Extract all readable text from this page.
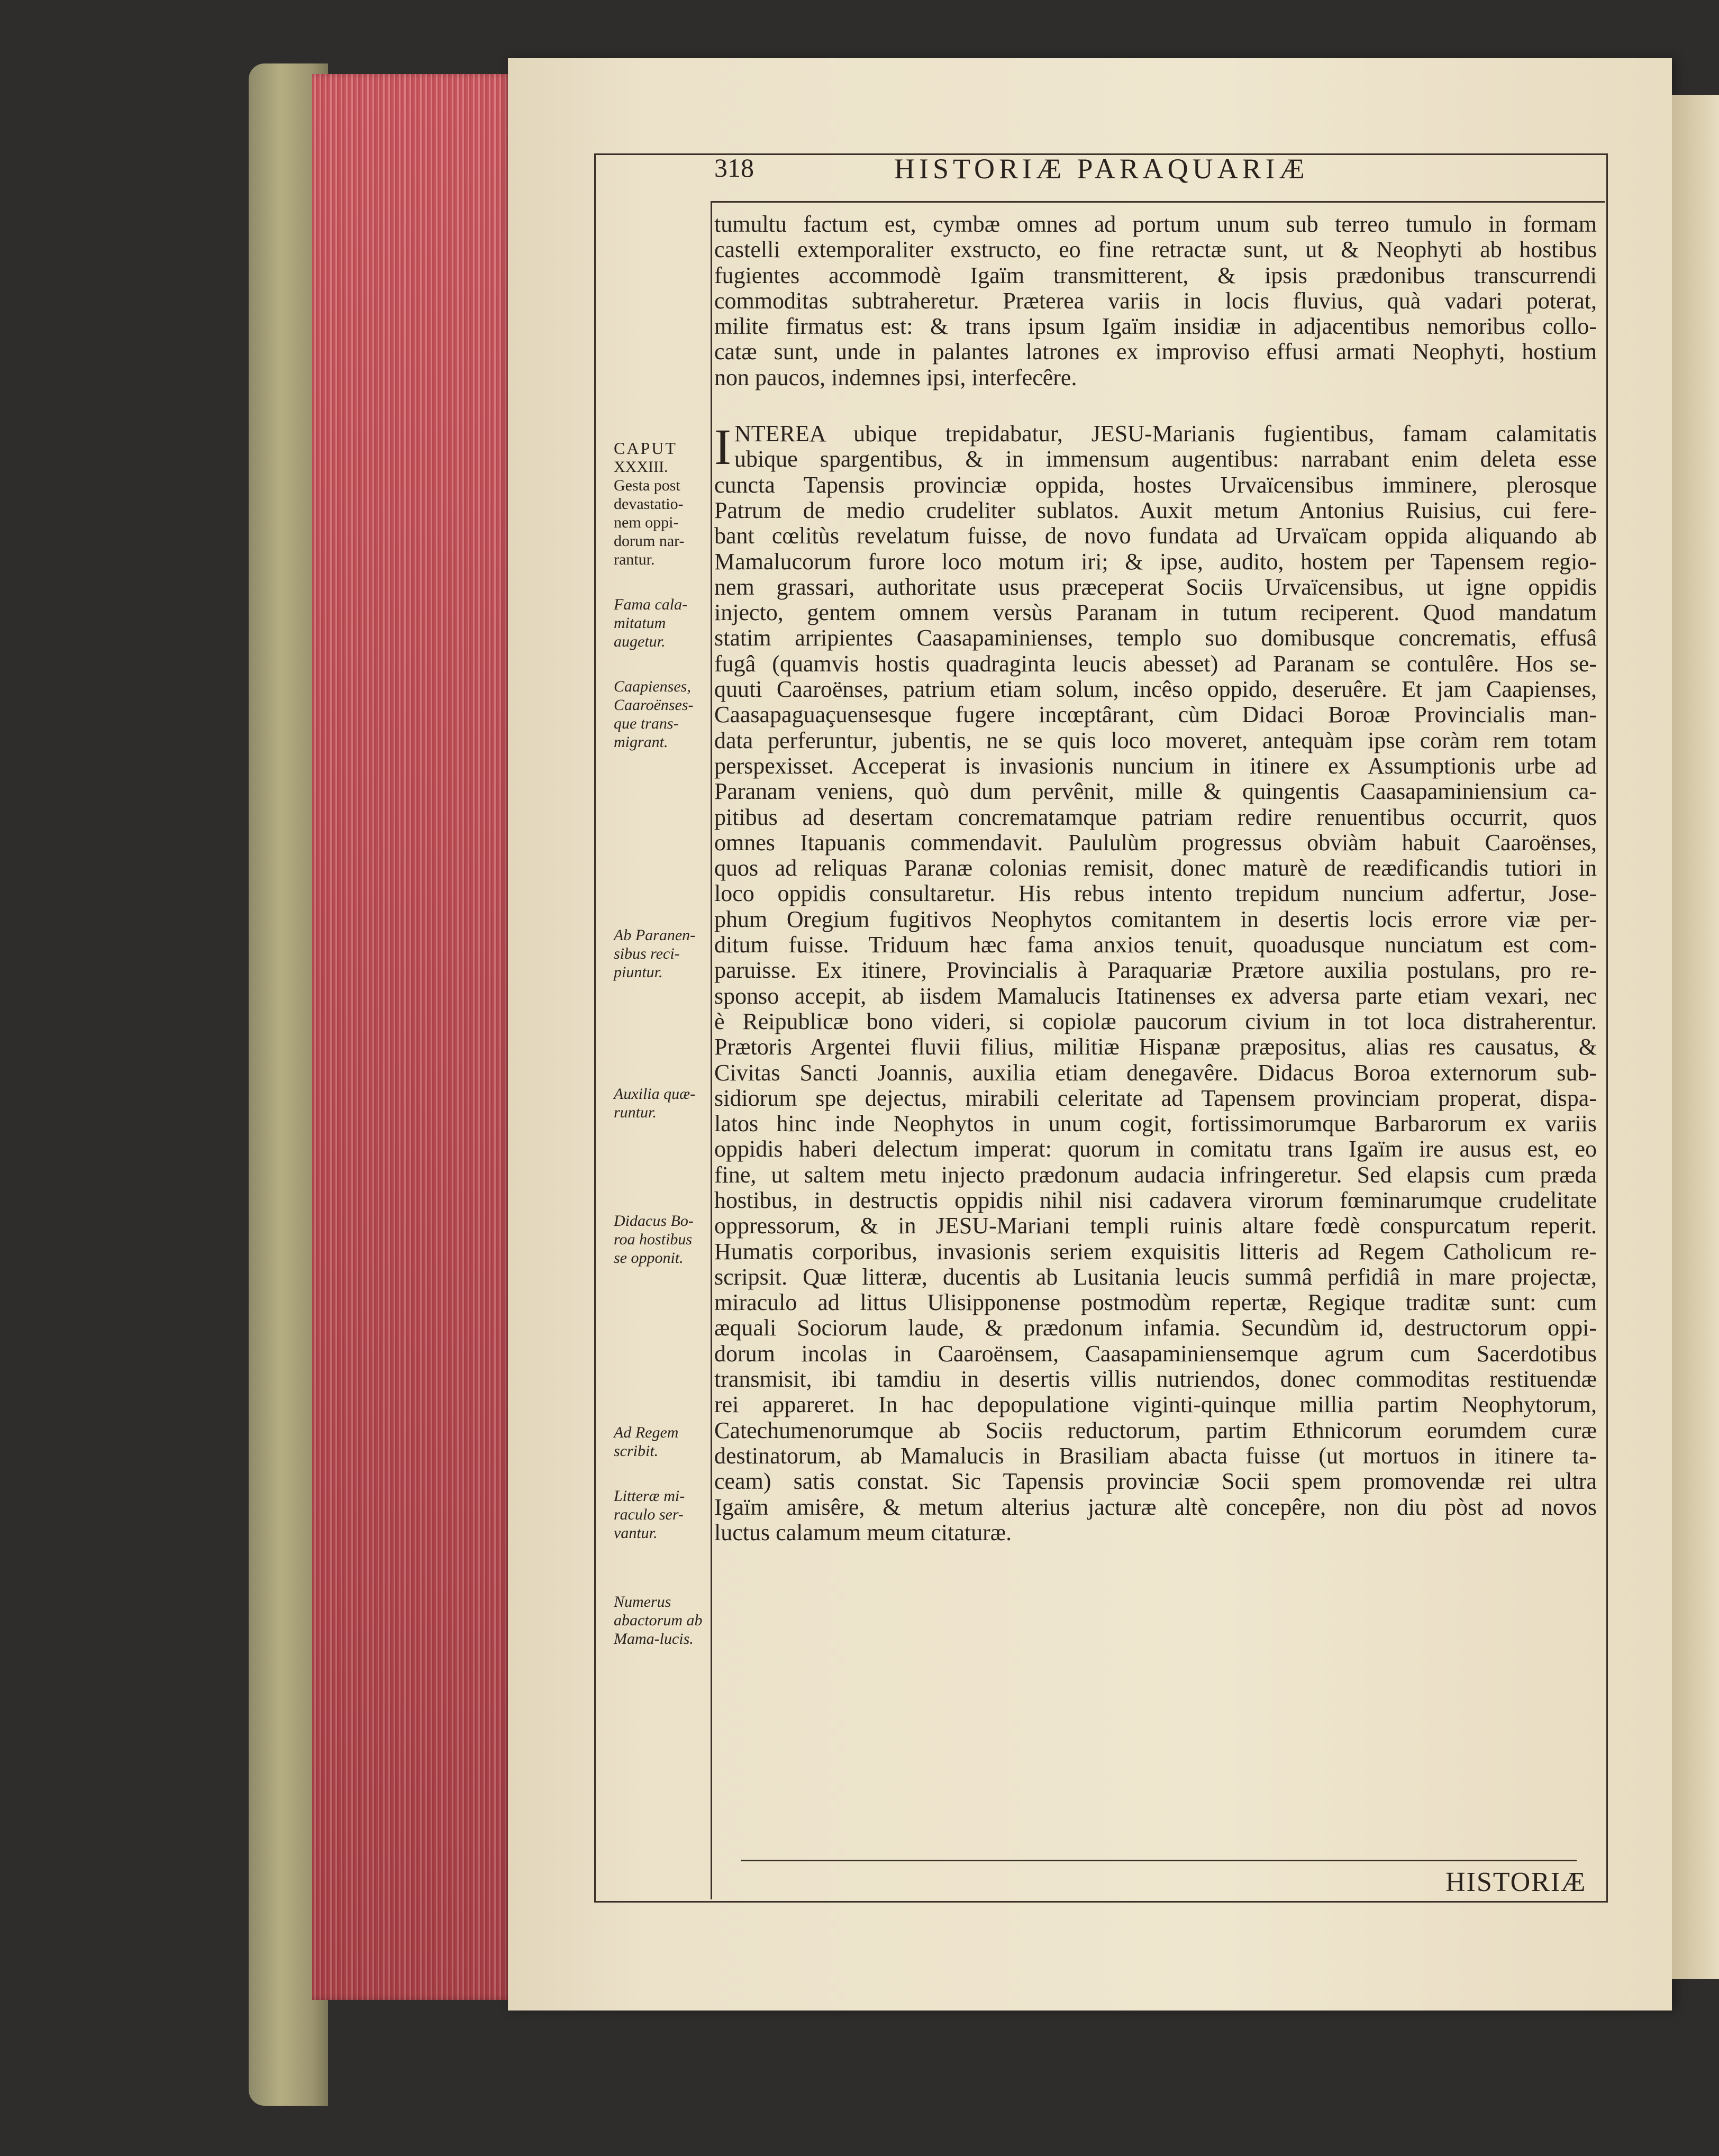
318	HISTORIÆ PARAQUARIÆ
CAPUT
XXXIII.
Gesta post devastatio-nem oppi-dorum nar-rantur.
Fama cala-mitatum augetur.
Caapienses, Caaroënses-que trans-migrant.
Ab Paranen-sibus reci-piuntur.
Auxilia quæ-runtur.
Didacus Bo-roa hostibus se opponit.
Ad Regem scribit.
Litteræ mi-raculo ser-vantur.
Numerus abactorum ab Mama-lucis.
tumultu factum est, cymbæ omnes ad portum unum sub terreo tumulo in formam
castelli extemporaliter exstructo, eo fine retractæ sunt, ut & Neophyti ab hostibus
fugientes accommodè Igaïm transmitterent, & ipsis prædonibus transcurrendi
commoditas subtraheretur. Præterea variis in locis fluvius, quà vadari poterat,
milite firmatus est: & trans ipsum Igaïm insidiæ in adjacentibus nemoribus collo-
catæ sunt, unde in palantes latrones ex improviso effusi armati Neophyti, hostium
non paucos, indemnes ipsi, interfecêre.
I NTEREA ubique trepidabatur, JESU-Marianis fugientibus, famam calamitatis
ubique spargentibus, & in immensum augentibus: narrabant enim deleta esse
cuncta Tapensis provinciæ oppida, hostes Urvaïcensibus imminere, plerosque
Patrum de medio crudeliter sublatos. Auxit metum Antonius Ruisius, cui fere-
bant cœlitùs revelatum fuisse, de novo fundata ad Urvaïcam oppida aliquando ab
Mamalucorum furore loco motum iri; & ipse, audito, hostem per Tapensem regio-
nem grassari, authoritate usus præceperat Sociis Urvaïcensibus, ut igne oppidis
injecto, gentem omnem versùs Paranam in tutum reciperent. Quod mandatum
statim arripientes Caasapaminienses, templo suo domibusque concrematis, effusâ
fugâ (quamvis hostis quadraginta leucis abesset) ad Paranam se contulêre. Hos se-
quuti Caaroënses, patrium etiam solum, incêso oppido, deseruêre. Et jam Caapienses,
Caasapaguaçuensesque fugere incœptârant, cùm Didaci Boroæ Provincialis man-
data perferuntur, jubentis, ne se quis loco moveret, antequàm ipse coràm rem totam
perspexisset. Acceperat is invasionis nuncium in itinere ex Assumptionis urbe ad
Paranam veniens, quò dum pervênit, mille & quingentis Caasapaminiensium ca-
pitibus ad desertam concrematamque patriam redire renuentibus occurrit, quos
omnes Itapuanis commendavit. Paululùm progressus obviàm habuit Caaroënses,
quos ad reliquas Paranæ colonias remisit, donec maturè de reædificandis tutiori in
loco oppidis consultaretur. His rebus intento trepidum nuncium adfertur, Jose-
phum Oregium fugitivos Neophytos comitantem in desertis locis errore viæ per-
ditum fuisse. Triduum hæc fama anxios tenuit, quoadusque nunciatum est com-
paruisse. Ex itinere, Provincialis à Paraquariæ Prætore auxilia postulans, pro re-
sponso accepit, ab iisdem Mamalucis Itatinenses ex adversa parte etiam vexari, nec
è Reipublicæ bono videri, si copiolæ paucorum civium in tot loca distraherentur.
Prætoris Argentei fluvii filius, militiæ Hispanæ præpositus, alias res causatus, &
Civitas Sancti Joannis, auxilia etiam denegavêre. Didacus Boroa externorum sub-
sidiorum spe dejectus, mirabili celeritate ad Tapensem provinciam properat, dispa-
latos hinc inde Neophytos in unum cogit, fortissimorumque Barbarorum ex variis
oppidis haberi delectum imperat: quorum in comitatu trans Igaïm ire ausus est, eo
fine, ut saltem metu injecto prædonum audacia infringeretur. Sed elapsis cum præda
hostibus, in destructis oppidis nihil nisi cadavera virorum fœminarumque crudelitate
oppressorum, & in JESU-Mariani templi ruinis altare fœdè conspurcatum reperit.
Humatis corporibus, invasionis seriem exquisitis litteris ad Regem Catholicum re-
scripsit. Quæ litteræ, ducentis ab Lusitania leucis summâ perfidiâ in mare projectæ,
miraculo ad littus Ulisipponense postmodùm repertæ, Regique traditæ sunt: cum
æquali Sociorum laude, & prædonum infamia. Secundùm id, destructorum oppi-
dorum incolas in Caaroënsem, Caasapaminiensemque agrum cum Sacerdotibus
transmisit, ibi tamdiu in desertis villis nutriendos, donec commoditas restituendæ
rei appareret. In hac depopulatione viginti-quinque millia partim Neophytorum,
Catechumenorumque ab Sociis reductorum, partim Ethnicorum eorumdem curæ
destinatorum, ab Mamalucis in Brasiliam abacta fuisse (ut mortuos in itinere ta-
ceam) satis constat. Sic Tapensis provinciæ Socii spem promovendæ rei ultra
Igaïm amisêre, & metum alterius jacturæ altè concepêre, non diu pòst ad novos
luctus calamum meum citaturæ.
HISTORIÆ
